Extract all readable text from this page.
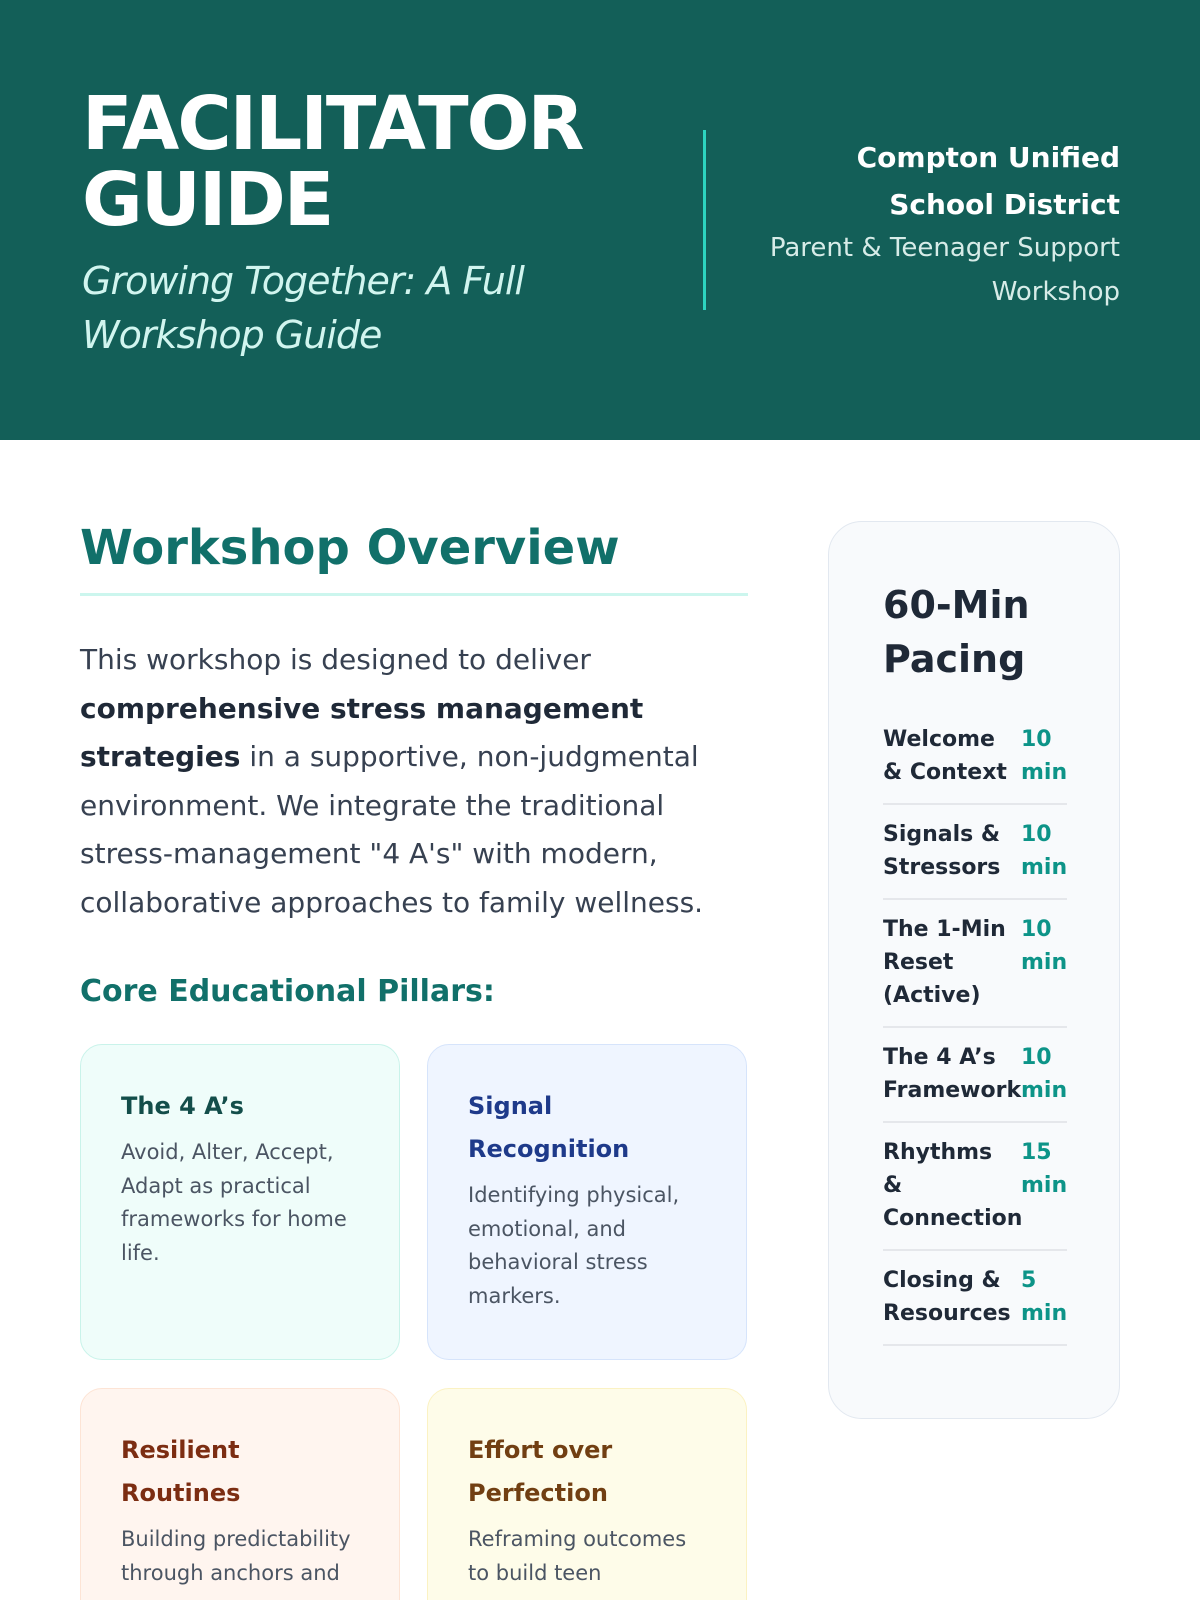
FACILITATOR
GUIDE
Growing Together: A Full Workshop Guide
Compton Unified School District
Parent & Teenager Support Workshop
Workshop Overview

This workshop is designed to deliver comprehensive stress management strategies in a supportive, non-judgmental environment. We integrate the traditional stress-management "4 A's" with modern, collaborative approaches to family wellness.

Core Educational Pillars:
The 4 A’s
Avoid, Alter, Accept, Adapt as practical frameworks for home life.
Signal Recognition
Identifying physical, emotional, and behavioral stress markers.
Resilient Routines
Building predictability through anchors and
Effort over Perfection
Reframing outcomes to build teen
60-Min Pacing
Welcome & Context
10 min
Signals & Stressors
10 min
The 1-Min Reset (Active)
10 min
The 4 A’s Framework
10 min
Rhythms & Connection
15 min
Closing & Resources
5 min
